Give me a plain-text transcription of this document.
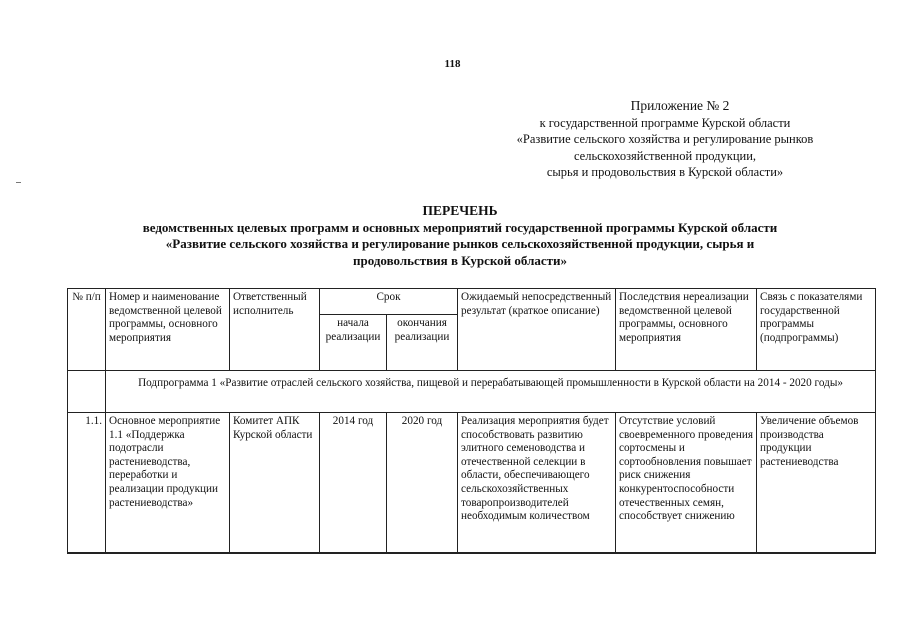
118
Приложение № 2
к государственной программе Курской области
«Развитие сельского хозяйства и регулирование рынков
сельскохозяйственной продукции,
сырья и продовольствия в Курской области»
ПЕРЕЧЕНЬ
ведомственных целевых программ и основных мероприятий государственной программы Курской области
«Развитие сельского хозяйства и регулирование рынков сельскохозяйственной продукции, сырья и
продовольствия в Курской области»
№ п/п	Номер и наименование ведомственной целевой программы, основного мероприятия	Ответственный исполнитель	Срок		Ожидаемый непосредственный результат (краткое описание)	Последствия нереализации ведомственной целевой программы, основного мероприятия	Связь с показателями государственной программы (подпрограммы)
			начала реализации	окончания реализации			
	Подпрограмма 1 «Развитие отраслей сельского хозяйства, пищевой и перерабатывающей промышленности в Курской области на 2014 - 2020 годы»						
1.1.	Основное мероприятие 1.1 «Поддержка подотрасли растениеводства, переработки и реализации продукции растениеводства»	Комитет АПК Курской области	2014 год	2020 год	Реализация мероприятия будет способствовать развитию элитного семеноводства и отечественной селекции в области, обеспечивающего сельскохозяйственных товаропроизводителей необходимым количеством	Отсутствие условий своевременного проведения сортосмены и сортообновления повышает риск снижения конкурентоспособности отечественных семян, способствует снижению	Увеличение объемов производства продукции растениеводства
